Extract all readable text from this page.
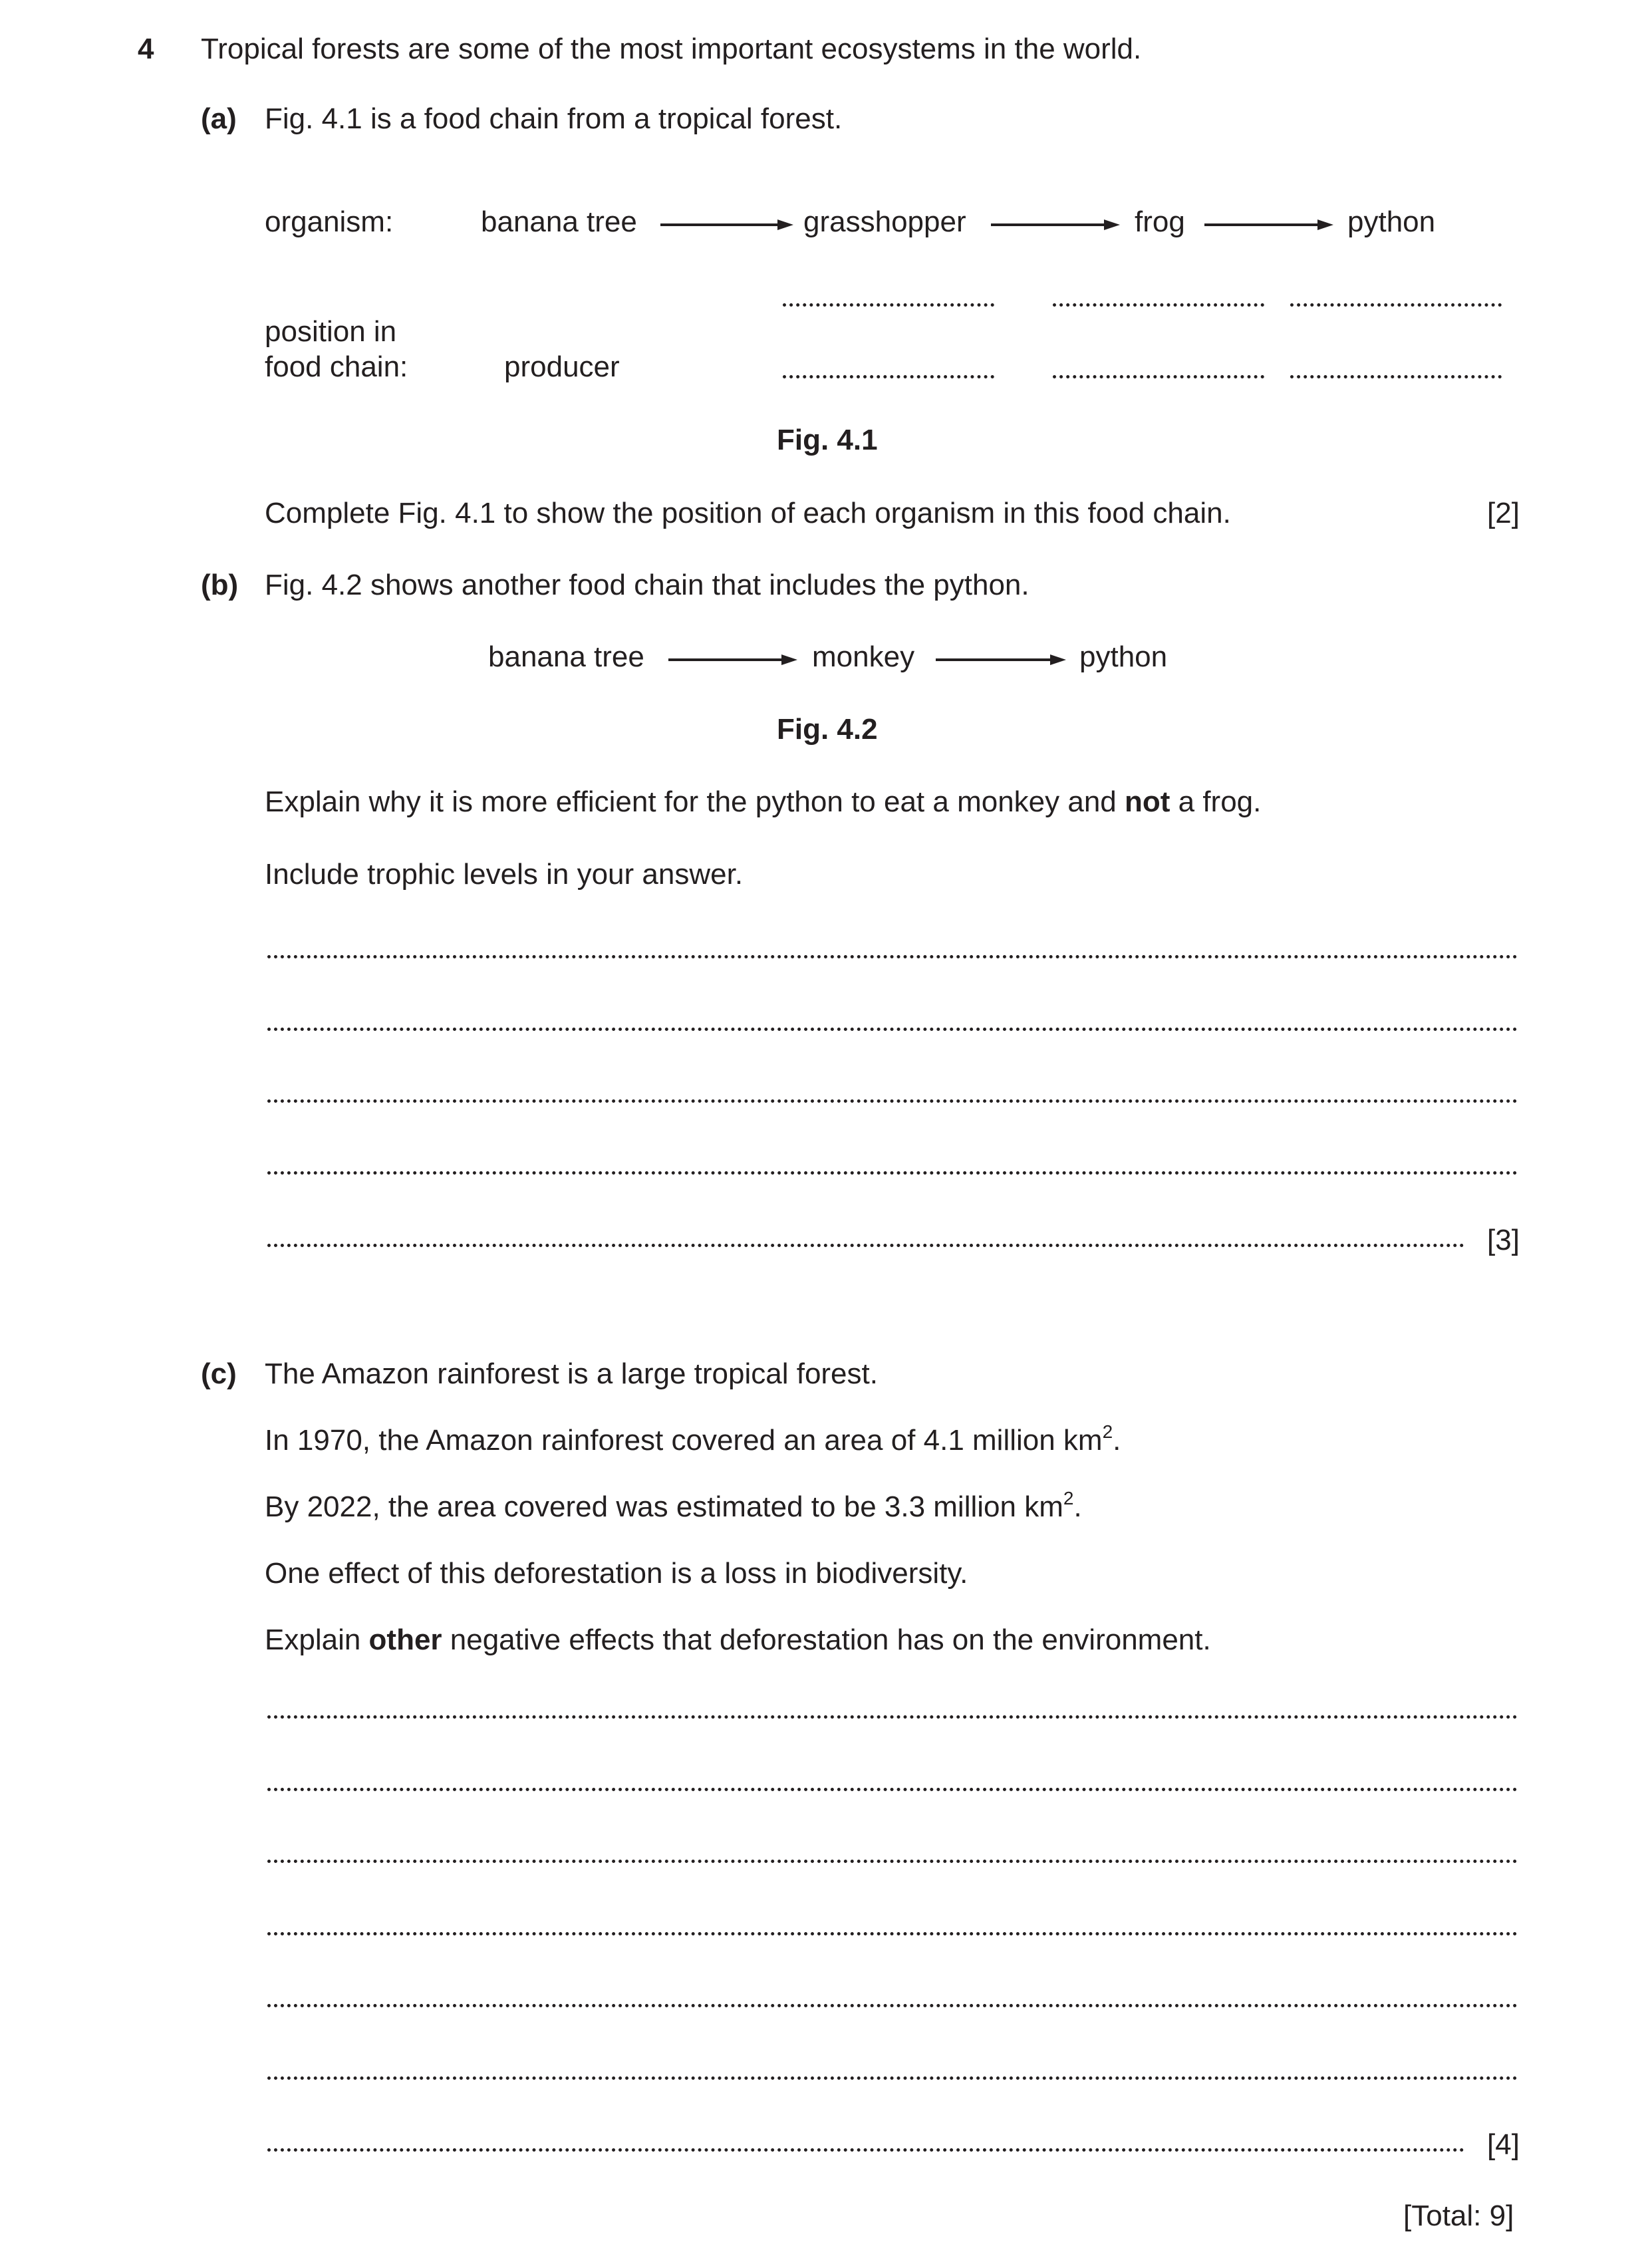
4 Tropical forests are some of the most important ecosystems in the world.
(a) Fig. 4.1 is a food chain from a tropical forest.
organism:	banana tree	grasshopper	frog	python
position in
food chain:	producer
Fig. 4.1
Complete Fig. 4.1 to show the position of each organism in this food chain.	[2]
(b) Fig. 4.2 shows another food chain that includes the python.
banana tree	monkey	python
Fig. 4.2
Explain why it is more efficient for the python to eat a monkey and not a frog.
Include trophic levels in your answer.
[3]
(c) The Amazon rainforest is a large tropical forest.
In 1970, the Amazon rainforest covered an area of 4.1 million $km^2$.
By 2022, the area covered was estimated to be 3.3 million $km^2$.
One effect of this deforestation is a loss in biodiversity.
Explain other negative effects that deforestation has on the environment.
[4]
[Total: 9]
